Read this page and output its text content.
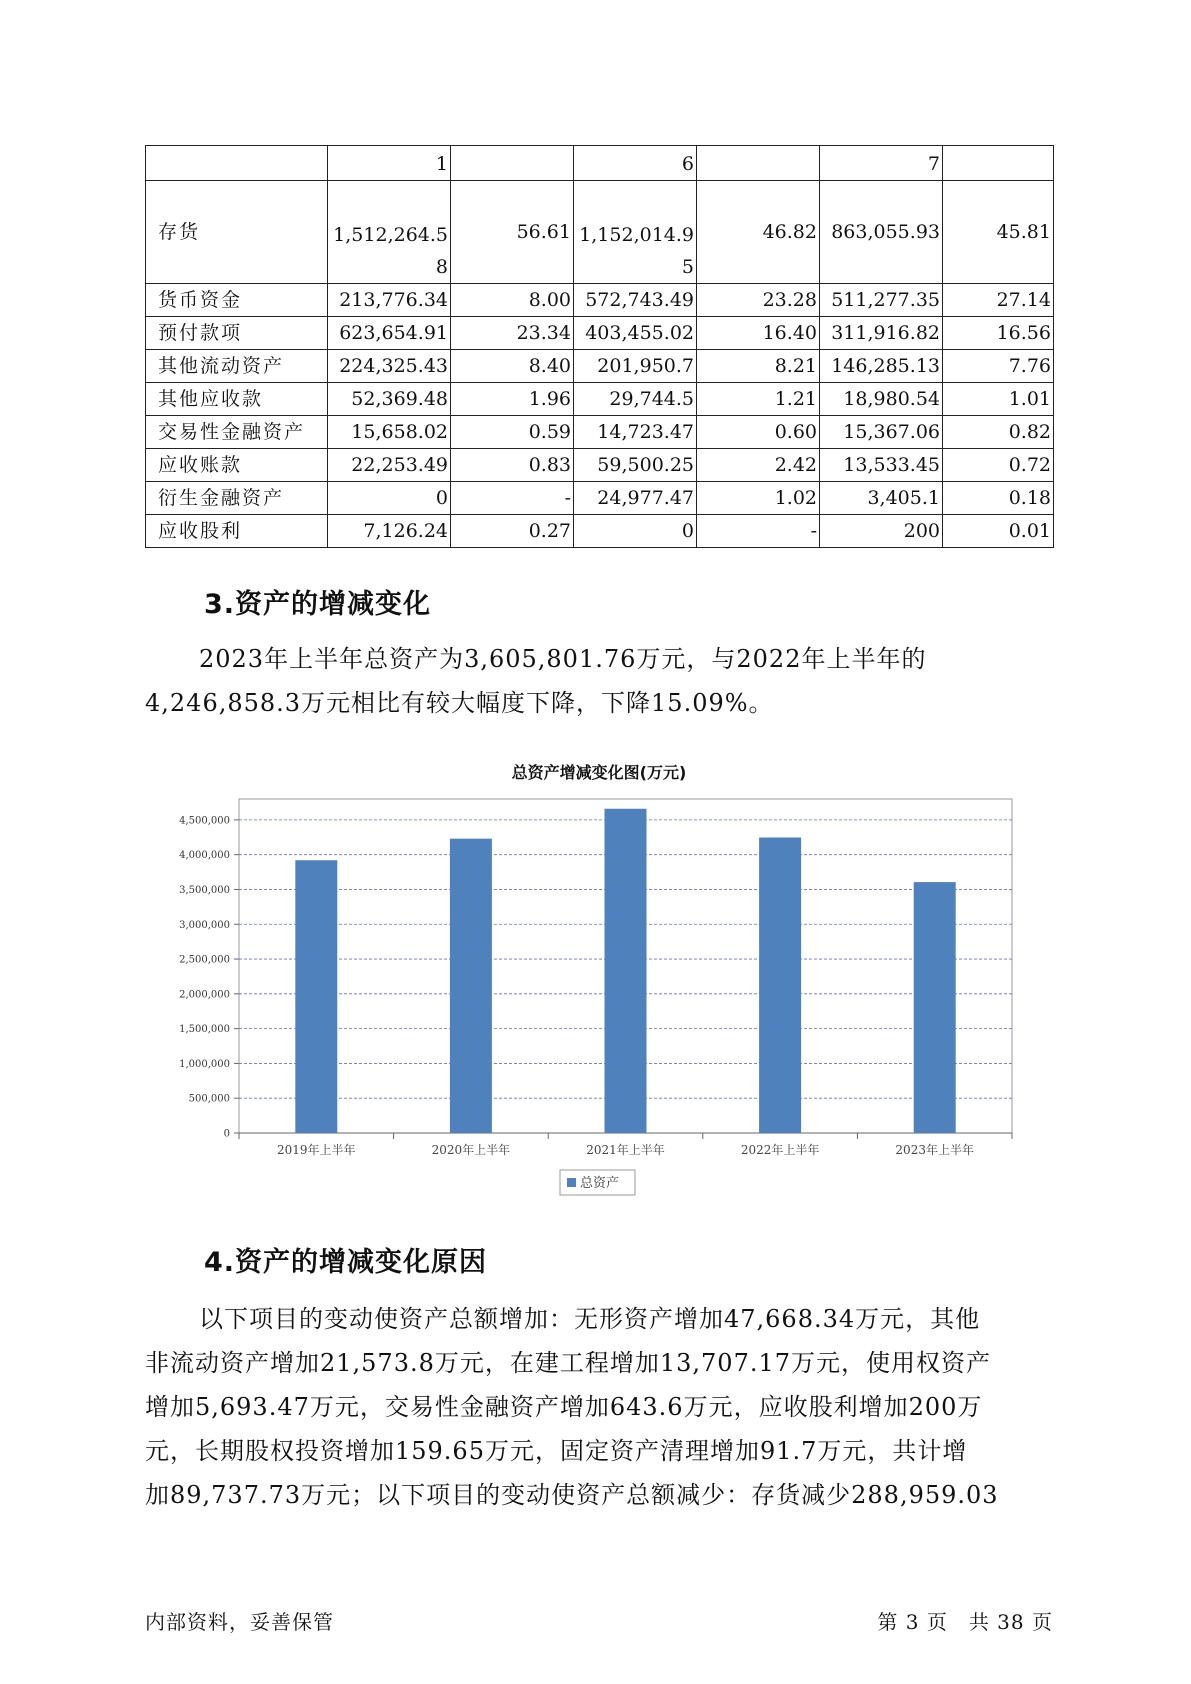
	1		6		7	
存货	1,512,264.58	56.61	1,152,014.95	46.82	863,055.93	45.81
货币资金	213,776.34	8.00	572,743.49	23.28	511,277.35	27.14
预付款项	623,654.91	23.34	403,455.02	16.40	311,916.82	16.56
其他流动资产	224,325.43	8.40	201,950.7	8.21	146,285.13	7.76
其他应收款	52,369.48	1.96	29,744.5	1.21	18,980.54	1.01
交易性金融资产	15,658.02	0.59	14,723.47	0.60	15,367.06	0.82
应收账款	22,253.49	0.83	59,500.25	2.42	13,533.45	0.72
衍生金融资产	0	-	24,977.47	1.02	3,405.1	0.18
应收股利	7,126.24	0.27	0	-	200	0.01
3.资产的增减变化
2023年上半年总资产为3,605,801.76万元，与2022年上半年的
4,246,858.3万元相比有较大幅度下降，下降15.09%。
总资产增减变化图(万元)
0
500,000
1,000,000
1,500,000
2,000,000
2,500,000
3,000,000
3,500,000
4,000,000
4,500,000
2019年上半年	2020年上半年	2021年上半年	2022年上半年	2023年上半年
总资产
4.资产的增减变化原因
以下项目的变动使资产总额增加：无形资产增加47,668.34万元，其他
非流动资产增加21,573.8万元，在建工程增加13,707.17万元，使用权资产
增加5,693.47万元，交易性金融资产增加643.6万元，应收股利增加200万
元，长期股权投资增加159.65万元，固定资产清理增加91.7万元，共计增
加89,737.73万元；以下项目的变动使资产总额减少：存货减少288,959.03
内部资料，妥善保管	第 3 页　共 38 页
